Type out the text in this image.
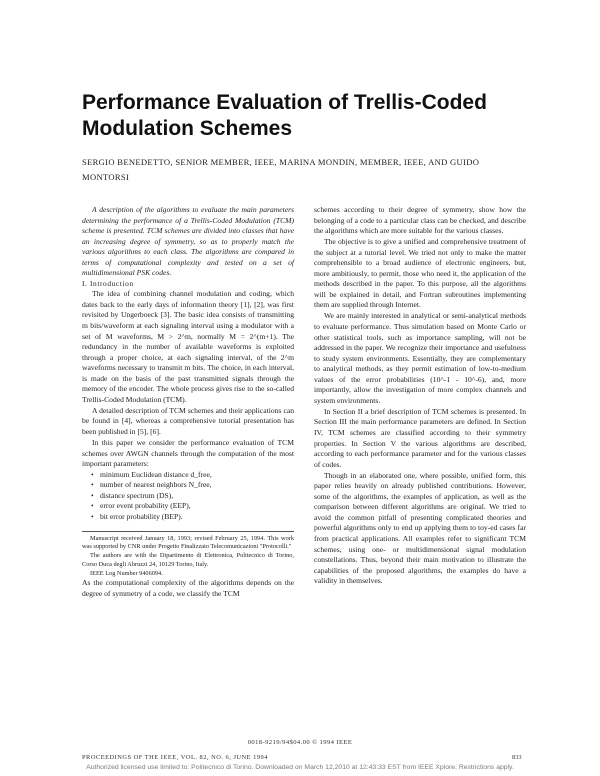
Performance Evaluation of Trellis-Coded Modulation Schemes
SERGIO BENEDETTO, SENIOR MEMBER, IEEE, MARINA MONDIN, MEMBER, IEEE, AND GUIDO MONTORSI

A description of the algorithms to evaluate the main parameters determining the performance of a Trellis-Coded Modulation (TCM) scheme is presented. TCM schemes are divided into classes that have an increasing degree of symmetry, so as to properly match the various algorithms to each class. The algorithms are compared in terms of computational complexity and tested on a set of multidimensional PSK codes.

I. Introduction

The idea of combining channel modulation and coding, which dates back to the early days of information theory [1], [2], was first revisited by Ungerboeck [3]. The basic idea consists of transmitting m bits/waveform at each signaling interval using a modulator with a set of M waveforms, M > 2^m, normally M = 2^(m+1). The redundancy in the number of available waveforms is exploited through a proper choice, at each signaling interval, of the 2^m waveforms necessary to transmit m bits. The choice, in each interval, is made on the basis of the past transmitted signals through the memory of the encoder. The whole process gives rise to the so-called Trellis-Coded Modulation (TCM).

A detailed description of TCM schemes and their applications can be found in [4], whereas a comprehensive tutorial presentation has been published in [5], [6].

In this paper we consider the performance evaluation of TCM schemes over AWGN channels through the computation of the most important parameters:

• minimum Euclidean distance d_free,
• number of nearest neighbors N_free,
• distance spectrum (DS),
• error event probability (EEP),
• bit error probability (BEP).

Manuscript received January 18, 1993; revised February 25, 1994. This work was supported by CNR under Progetto Finalizzato Telecomunicazioni "Protocolli."

The authors are with the Dipartimento di Elettronica, Politecnico di Torino, Corso Duca degli Abruzzi 24, 10129 Torino, Italy.

IEEE Log Number 9406094.

As the computational complexity of the algorithms depends on the degree of symmetry of a code, we classify the TCM

schemes according to their degree of symmetry, show how the belonging of a code to a particular class can be checked, and describe the algorithms which are more suitable for the various classes.

The objective is to give a unified and comprehensive treatment of the subject at a tutorial level. We tried not only to make the matter comprehensible to a broad audience of electronic engineers, but, more ambitiously, to permit, those who need it, the application of the methods described in the paper. To this purpose, all the algorithms will be explained in detail, and Fortran subroutines implementing them are supplied through Internet.

We are mainly interested in analytical or semi-analytical methods to evaluate performance. Thus simulation based on Monte Carlo or other statistical tools, such as importance sampling, will not be addressed in the paper. We recognize their importance and usefulness to study system environments. Essentially, they are complementary to analytical methods, as they permit estimation of low-to-medium values of the error probabilities (10^-1 - 10^-6), and, more importantly, allow the investigation of more complex channels and system environments.

In Section II a brief description of TCM schemes is presented. In Section III the main performance parameters are defined. In Section IV, TCM schemes are classified according to their symmetry properties. In Section V the various algorithms are described, according to each performance parameter and for the various classes of codes.

Though in an elaborated one, where possible, unified form, this paper relies heavily on already published contributions. However, some of the algorithms, the examples of application, as well as the comparison between different algorithms are original. We tried to avoid the common pitfall of presenting complicated theories and powerful algorithms only to end up applying them to toy-ed cases far from practical applications. All examples refer to significant TCM schemes, using one- or multidimensional signal modulation constellations. Thus, beyond their main motivation to illustrate the capabilities of the proposed algorithms, the examples do have a validity in themselves.

0018-9219/94$04.00 © 1994 IEEE
PROCEEDINGS OF THE IEEE, VOL. 82, NO. 6, JUNE 1994	833
Authorized licensed use limited to: Politecnico di Torino. Downloaded on March 12,2010 at 12:43:33 EST from IEEE Xplore. Restrictions apply.
